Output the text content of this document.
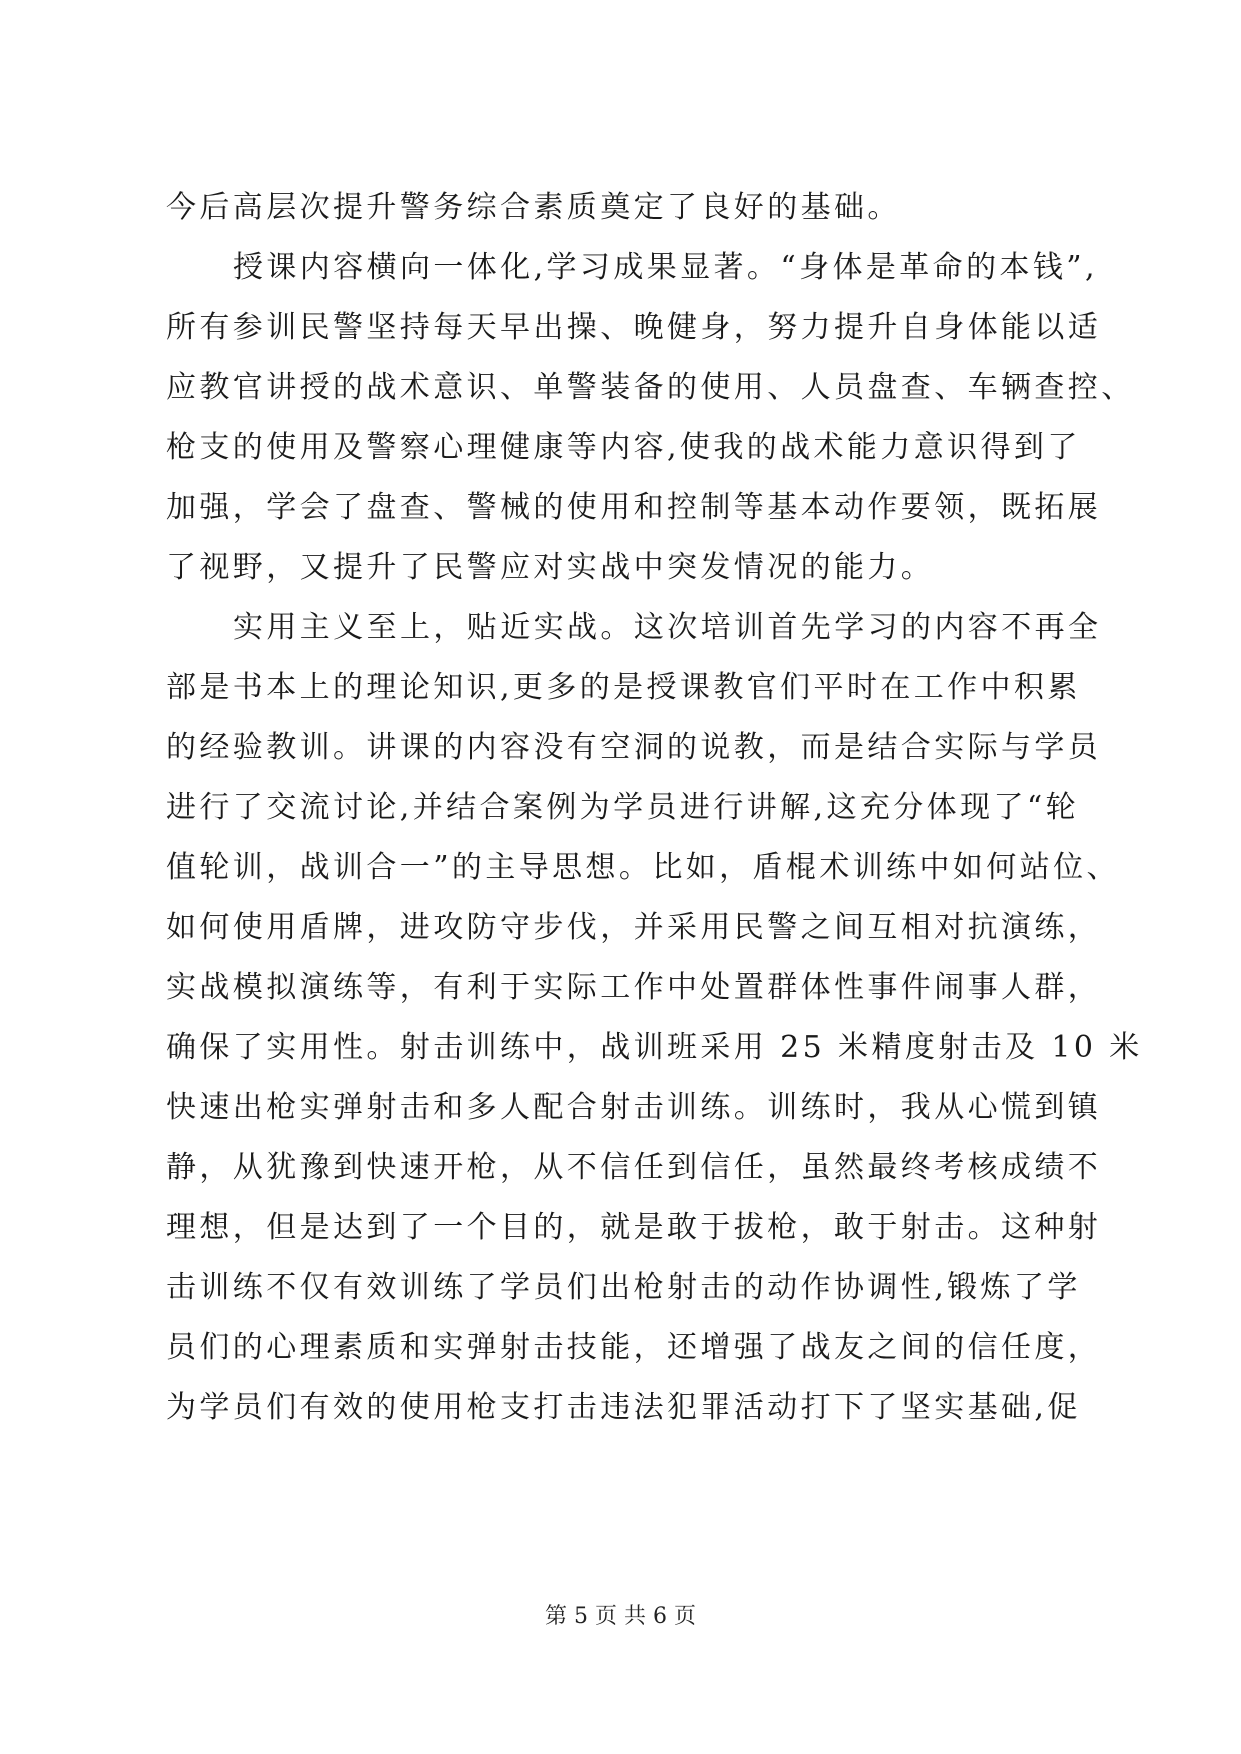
今后高层次提升警务综合素质奠定了良好的基础。
授课内容横向一体化,学习成果显著。“身体是革命的本钱”,
所有参训民警坚持每天早出操、晚健身，努力提升自身体能以适
应教官讲授的战术意识、单警装备的使用、人员盘查、车辆查控、
枪支的使用及警察心理健康等内容,使我的战术能力意识得到了
加强，学会了盘查、警械的使用和控制等基本动作要领，既拓展
了视野，又提升了民警应对实战中突发情况的能力。
实用主义至上，贴近实战。这次培训首先学习的内容不再全
部是书本上的理论知识,更多的是授课教官们平时在工作中积累
的经验教训。讲课的内容没有空洞的说教，而是结合实际与学员
进行了交流讨论,并结合案例为学员进行讲解,这充分体现了“轮
值轮训，战训合一”的主导思想。比如，盾棍术训练中如何站位、
如何使用盾牌，进攻防守步伐，并采用民警之间互相对抗演练，
实战模拟演练等，有利于实际工作中处置群体性事件闹事人群，
确保了实用性。射击训练中，战训班采用 25 米精度射击及 10 米
快速出枪实弹射击和多人配合射击训练。训练时，我从心慌到镇
静，从犹豫到快速开枪，从不信任到信任，虽然最终考核成绩不
理想，但是达到了一个目的，就是敢于拔枪，敢于射击。这种射
击训练不仅有效训练了学员们出枪射击的动作协调性,锻炼了学
员们的心理素质和实弹射击技能，还增强了战友之间的信任度，
为学员们有效的使用枪支打击违法犯罪活动打下了坚实基础,促
第 5 页 共 6 页
